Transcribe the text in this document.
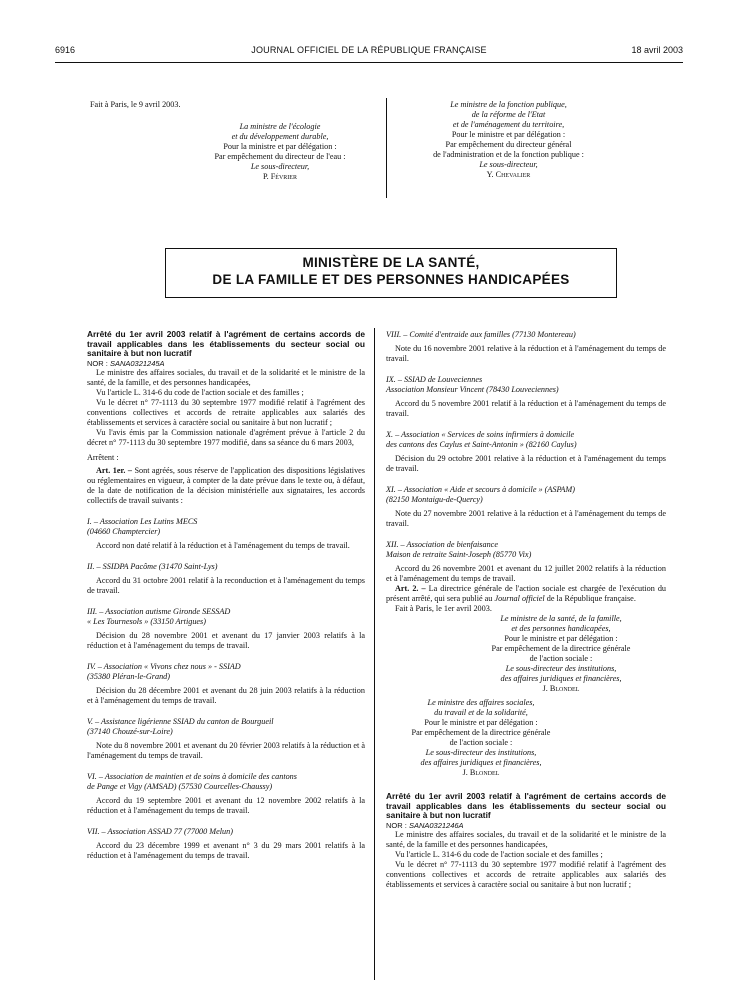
6916	JOURNAL OFFICIEL DE LA RÉPUBLIQUE FRANÇAISE	18 avril 2003

Fait à Paris, le 9 avril 2003.

La ministre de l'écologie

et du développement durable,

Pour la ministre et par délégation :

Par empêchement du directeur de l'eau :

Le sous-directeur,

P. Février

Le ministre de la fonction publique,

de la réforme de l'Etat

et de l'aménagement du territoire,

Pour le ministre et par délégation :

Par empêchement du directeur général

de l'administration et de la fonction publique :

Le sous-directeur,

Y. Chevalier

MINISTÈRE DE LA SANTÉ,
DE LA FAMILLE ET DES PERSONNES HANDICAPÉES

Arrêté du 1er avril 2003 relatif à l'agrément de certains accords de travail applicables dans les établissements du secteur social ou sanitaire à but non lucratif

NOR : SANA0321245A

Le ministre des affaires sociales, du travail et de la solidarité et le ministre de la santé, de la famille, et des personnes handicapées,

Vu l'article L. 314-6 du code de l'action sociale et des familles ;

Vu le décret n° 77-1113 du 30 septembre 1977 modifié relatif à l'agrément des conventions collectives et accords de retraite applicables aux salariés des établissements et services à caractère social ou sanitaire à but non lucratif ;

Vu l'avis émis par la Commission nationale d'agrément prévue à l'article 2 du décret n° 77-1113 du 30 septembre 1977 modifié, dans sa séance du 6 mars 2003,

Arrêtent :

Art. 1er. – Sont agréés, sous réserve de l'application des dispositions législatives ou réglementaires en vigueur, à compter de la date prévue dans le texte ou, à défaut, de la date de notification de la décision ministérielle aux signataires, les accords collectifs de travail suivants :

I. – Association Les Lutins MECS

(04660 Champtercier)

Accord non daté relatif à la réduction et à l'aménagement du temps de travail.

II. – SSIDPA Pacôme (31470 Saint-Lys)

Accord du 31 octobre 2001 relatif à la reconduction et à l'aménagement du temps de travail.

III. – Association autisme Gironde SESSAD

« Les Tournesols » (33150 Artigues)

Décision du 28 novembre 2001 et avenant du 17 janvier 2003 relatifs à la réduction et à l'aménagement du temps de travail.

IV. – Association « Vivons chez nous » - SSIAD

(35380 Pléran-le-Grand)

Décision du 28 décembre 2001 et avenant du 28 juin 2003 relatifs à la réduction et à l'aménagement du temps de travail.

V. – Assistance ligérienne SSIAD du canton de Bourgueil

(37140 Chouzé-sur-Loire)

Note du 8 novembre 2001 et avenant du 20 février 2003 relatifs à la réduction et à l'aménagement du temps de travail.

VI. – Association de maintien et de soins à domicile des cantons

de Pange et Vigy (AMSAD) (57530 Courcelles-Chaussy)

Accord du 19 septembre 2001 et avenant du 12 novembre 2002 relatifs à la réduction et à l'aménagement du temps de travail.

VII. – Association ASSAD 77 (77000 Melun)

Accord du 23 décembre 1999 et avenant n° 3 du 29 mars 2001 relatifs à la réduction et à l'aménagement du temps de travail.

VIII. – Comité d'entraide aux familles (77130 Montereau)

Note du 16 novembre 2001 relative à la réduction et à l'aménagement du temps de travail.

IX. – SSIAD de Louveciennes

Association Monsieur Vincent (78430 Louveciennes)

Accord du 5 novembre 2001 relatif à la réduction et à l'aménagement du temps de travail.

X. – Association « Services de soins infirmiers à domicile

des cantons des Caylus et Saint-Antonin » (82160 Caylus)

Décision du 29 octobre 2001 relative à la réduction et à l'aménagement du temps de travail.

XI. – Association « Aide et secours à domicile » (ASPAM)

(82150 Montaigu-de-Quercy)

Note du 27 novembre 2001 relative à la réduction et à l'aménagement du temps de travail.

XII. – Association de bienfaisance

Maison de retraite Saint-Joseph (85770 Vix)

Accord du 26 novembre 2001 et avenant du 12 juillet 2002 relatifs à la réduction et à l'aménagement du temps de travail.

Art. 2. – La directrice générale de l'action sociale est chargée de l'exécution du présent arrêté, qui sera publié au Journal officiel de la République française.

Fait à Paris, le 1er avril 2003.

Le ministre de la santé, de la famille,

et des personnes handicapées,

Pour le ministre et par délégation :

Par empêchement de la directrice générale

de l'action sociale :

Le sous-directeur des institutions,

des affaires juridiques et financières,

J. Blondel

Le ministre des affaires sociales,

du travail et de la solidarité,

Pour le ministre et par délégation :

Par empêchement de la directrice générale

de l'action sociale :

Le sous-directeur des institutions,

des affaires juridiques et financières,

J. Blondel

Arrêté du 1er avril 2003 relatif à l'agrément de certains accords de travail applicables dans les établissements du secteur social ou sanitaire à but non lucratif

NOR : SANA0321246A

Le ministre des affaires sociales, du travail et de la solidarité et le ministre de la santé, de la famille et des personnes handicapées,

Vu l'article L. 314-6 du code de l'action sociale et des familles ;

Vu le décret n° 77-1113 du 30 septembre 1977 modifié relatif à l'agrément des conventions collectives et accords de retraite applicables aux salariés des établissements et services à caractère social ou sanitaire à but non lucratif ;
